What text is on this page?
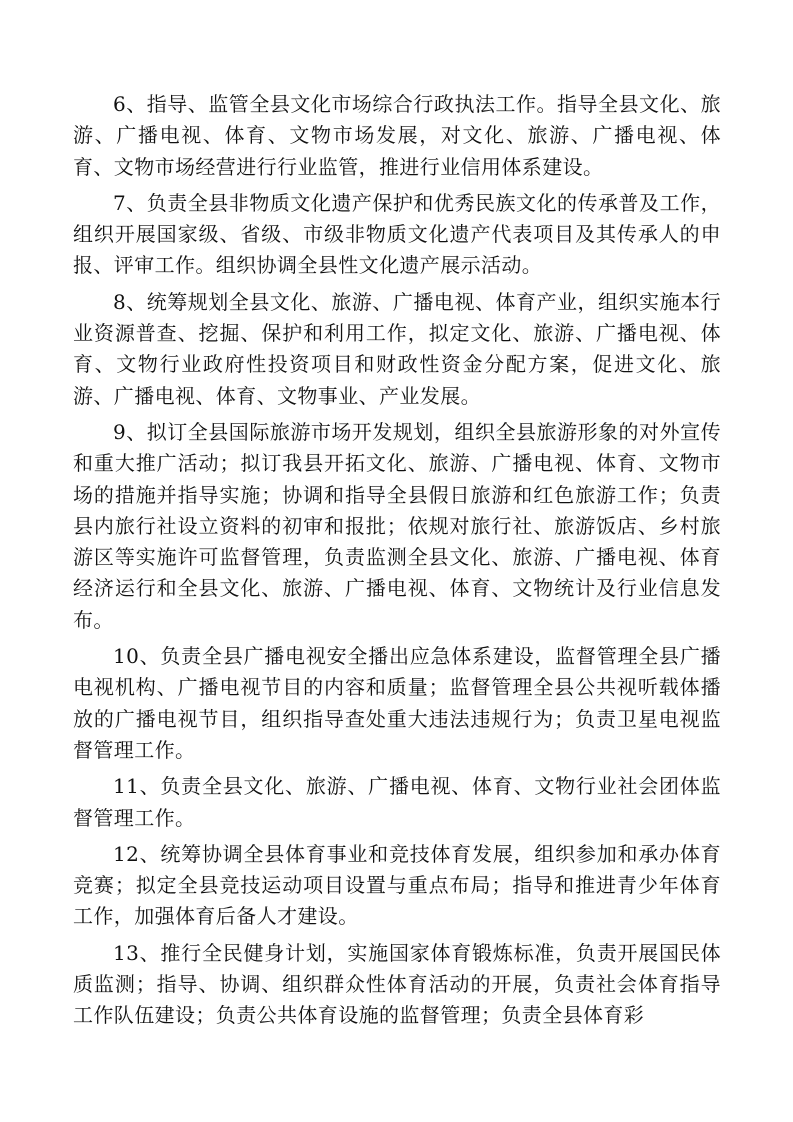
6、指导、监管全县文化市场综合行政执法工作。指导全县文化、旅游、广播电视、体育、文物市场发展，对文化、旅游、广播电视、体育、文物市场经营进行行业监管，推进行业信用体系建设。

7、负责全县非物质文化遗产保护和优秀民族文化的传承普及工作，组织开展国家级、省级、市级非物质文化遗产代表项目及其传承人的申报、评审工作。组织协调全县性文化遗产展示活动。

8、统筹规划全县文化、旅游、广播电视、体育产业，组织实施本行业资源普查、挖掘、保护和利用工作，拟定文化、旅游、广播电视、体育、文物行业政府性投资项目和财政性资金分配方案，促进文化、旅游、广播电视、体育、文物事业、产业发展。

9、拟订全县国际旅游市场开发规划，组织全县旅游形象的对外宣传和重大推广活动；拟订我县开拓文化、旅游、广播电视、体育、文物市场的措施并指导实施；协调和指导全县假日旅游和红色旅游工作；负责县内旅行社设立资料的初审和报批；依规对旅行社、旅游饭店、乡村旅游区等实施许可监督管理，负责监测全县文化、旅游、广播电视、体育经济运行和全县文化、旅游、广播电视、体育、文物统计及行业信息发布。

10、负责全县广播电视安全播出应急体系建设，监督管理全县广播电视机构、广播电视节目的内容和质量；监督管理全县公共视听载体播放的广播电视节目，组织指导查处重大违法违规行为；负责卫星电视监督管理工作。

11、负责全县文化、旅游、广播电视、体育、文物行业社会团体监督管理工作。

12、统筹协调全县体育事业和竞技体育发展，组织参加和承办体育竞赛；拟定全县竞技运动项目设置与重点布局；指导和推进青少年体育工作，加强体育后备人才建设。

13、推行全民健身计划，实施国家体育锻炼标准，负责开展国民体质监测；指导、协调、组织群众性体育活动的开展，负责社会体育指导工作队伍建设；负责公共体育设施的监督管理；负责全县体育彩
